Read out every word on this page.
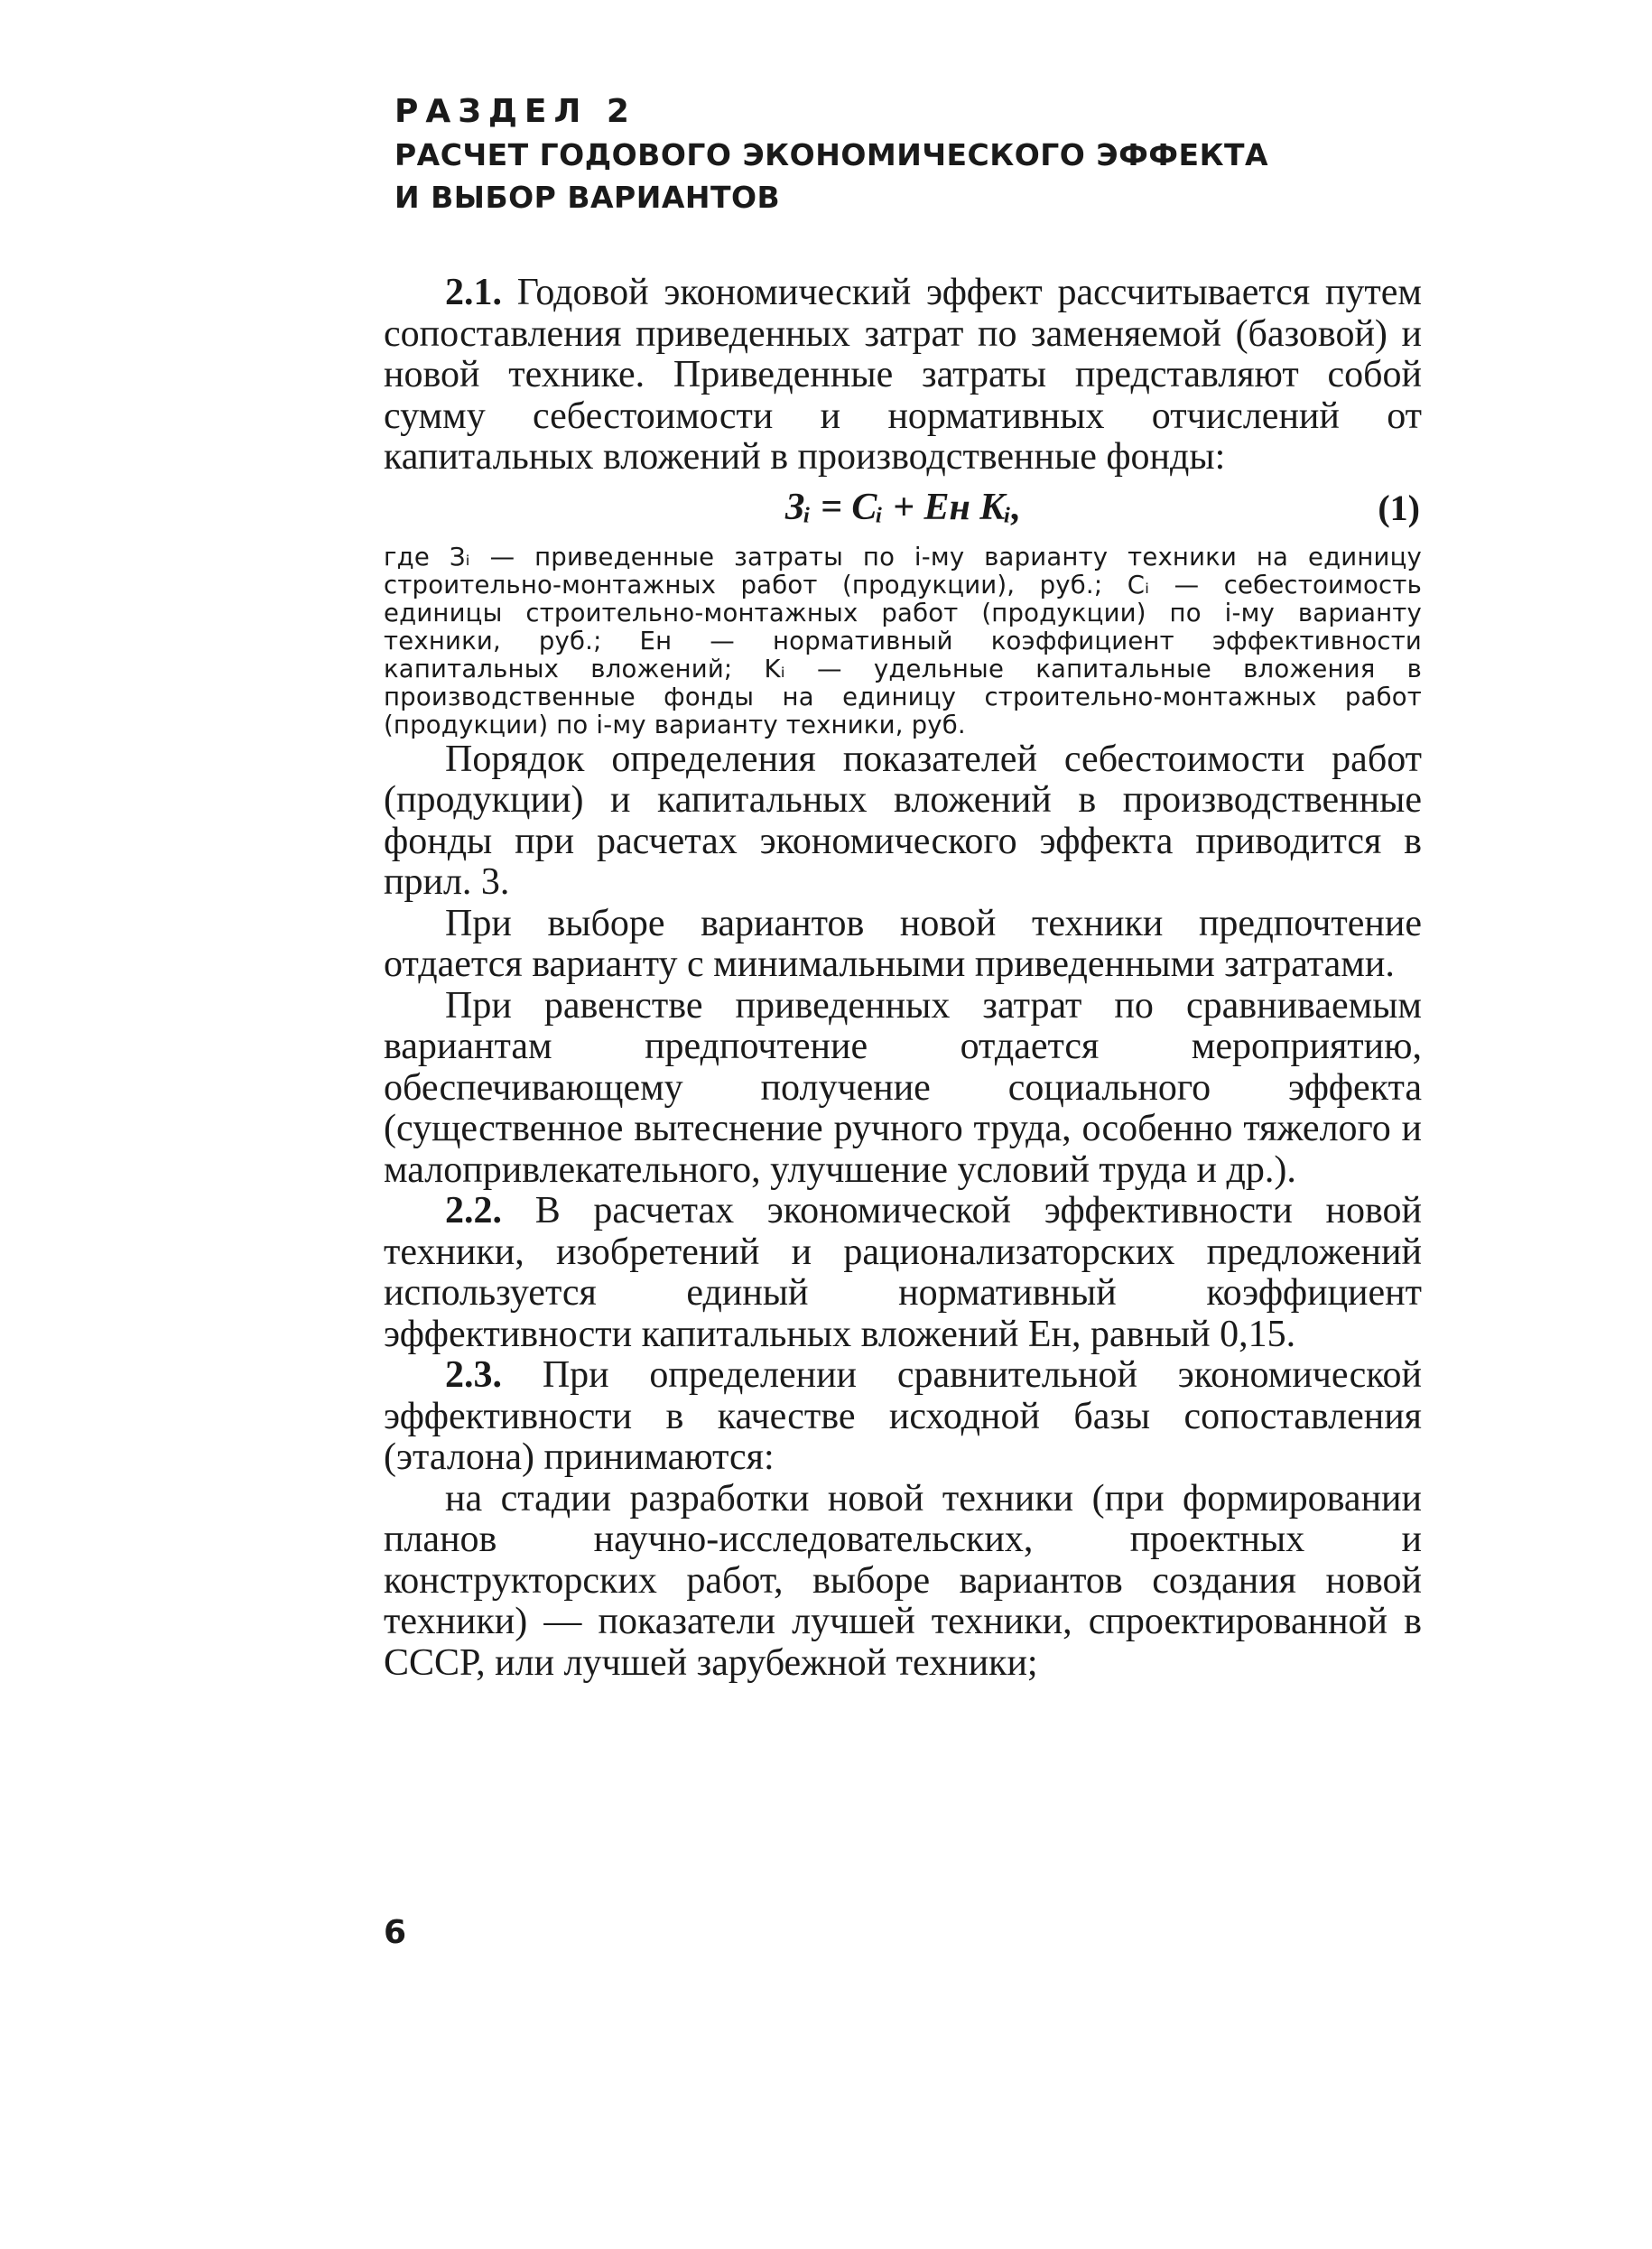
РАЗДЕЛ 2
РАСЧЕТ ГОДОВОГО ЭКОНОМИЧЕСКОГО ЭФФЕКТА
И ВЫБОР ВАРИАНТОВ

2.1. Годовой экономический эффект рассчитывается путем сопоставления приведенных затрат по заменяемой (базовой) и новой технике. Приведенные затраты представляют собой сумму себестоимости и нормативных отчислений от капитальных вложений в производственные фонды:

Зᵢ = Cᵢ + Eн Kᵢ,	(1)

где Зᵢ — приведенные затраты по i-му варианту техники на единицу строительно-монтажных работ (продукции), руб.; Cᵢ — себестоимость единицы строительно-монтажных работ (продукции) по i-му варианту техники, руб.; Eн — нормативный коэффициент эффективности капитальных вложений; Kᵢ — удельные капитальные вложения в производственные фонды на единицу строительно-монтажных работ (продукции) по i-му варианту техники, руб.

Порядок определения показателей себестоимости работ (продукции) и капитальных вложений в производственные фонды при расчетах экономического эффекта приводится в прил. 3.

При выборе вариантов новой техники предпочтение отдается варианту с минимальными приведенными затратами.

При равенстве приведенных затрат по сравниваемым вариантам предпочтение отдается мероприятию, обеспечивающему получение социального эффекта (существенное вытеснение ручного труда, особенно тяжелого и малопривлекательного, улучшение условий труда и др.).

2.2. В расчетах экономической эффективности новой техники, изобретений и рационализаторских предложений используется единый нормативный коэффициент эффективности капитальных вложений Ен, равный 0,15.

2.3. При определении сравнительной экономической эффективности в качестве исходной базы сопоставления (эталона) принимаются:

на стадии разработки новой техники (при формировании планов научно-исследовательских, проектных и конструкторских работ, выборе вариантов создания новой техники) — показатели лучшей техники, спроектированной в СССР, или лучшей зарубежной техники;

6
